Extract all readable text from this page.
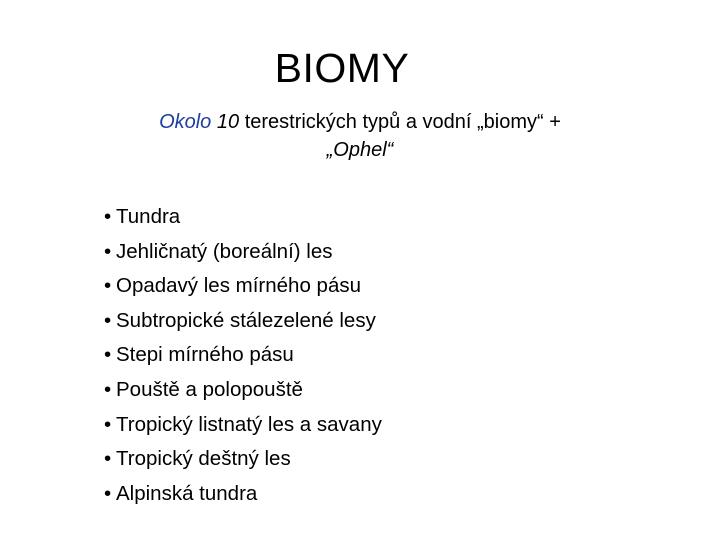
BIOMY
Okolo 10 terestrických typů a vodní „biomy“ +
„Ophel“
• Tundra
• Jehličnatý (boreální) les
• Opadavý les mírného pásu
• Subtropické stálezelené lesy
• Stepi mírného pásu
• Pouště a polopouště
• Tropický listnatý les a savany
• Tropický deštný les
• Alpinská tundra
